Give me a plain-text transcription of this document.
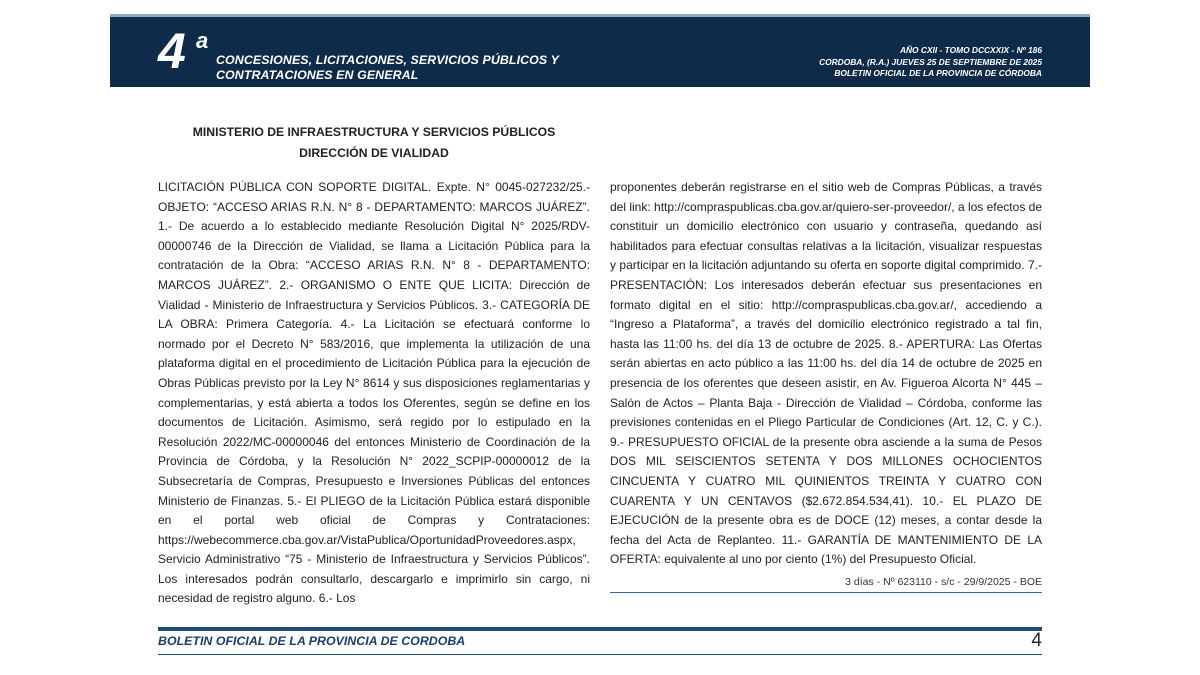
4 a
CONCESIONES, LICITACIONES, SERVICIOS PÚBLICOS Y
CONTRATACIONES EN GENERAL
AÑO CXII - TOMO DCCXXIX - Nº 186
CORDOBA, (R.A.) JUEVES 25 DE SEPTIEMBRE DE 2025
BOLETIN OFICIAL DE LA PROVINCIA DE CÓRDOBA
MINISTERIO DE INFRAESTRUCTURA Y SERVICIOS PÚBLICOS
DIRECCIÓN DE VIALIDAD
LICITACIÓN PÚBLICA CON SOPORTE DIGITAL. Expte. N° 0045-027232/25.- OBJETO: “ACCESO ARIAS R.N. N° 8 - DEPARTAMENTO: MARCOS JUÁREZ”. 1.- De acuerdo a lo establecido mediante Resolución Digital N° 2025/RDV-00000746 de la Dirección de Vialidad, se llama a Licitación Pública para la contratación de la Obra: “ACCESO ARIAS R.N. N° 8 - DEPARTAMENTO: MARCOS JUÁREZ”. 2.- ORGANISMO O ENTE QUE LICITA: Dirección de Vialidad - Ministerio de Infraestructura y Servicios Públicos. 3.- CATEGORÍA DE LA OBRA: Primera Categoría. 4.- La Licitación se efectuará conforme lo normado por el Decreto N° 583/2016, que implementa la utilización de una plataforma digital en el procedimiento de Licitación Pública para la ejecución de Obras Públicas previsto por la Ley N° 8614 y sus disposiciones reglamentarias y complementarias, y está abierta a todos los Oferentes, según se define en los documentos de Licitación. Asimismo, será regido por lo estipulado en la Resolución 2022/MC-00000046 del entonces Ministerio de Coordinación de la Provincia de Córdoba, y la Resolución N° 2022_SCPIP-00000012 de la Subsecretaría de Compras, Presupuesto e Inversiones Públicas del entonces Ministerio de Finanzas. 5.- El PLIEGO de la Licitación Pública estará disponible en el portal web oficial de Compras y Contrataciones: https://webecommerce.cba.gov.ar/VistaPublica/OportunidadProveedores.aspx, Servicio Administrativo “75 - Ministerio de Infraestructura y Servicios Públicos”. Los interesados podrán consultarlo, descargarlo e imprimirlo sin cargo, ni necesidad de registro alguno. 6.- Los
proponentes deberán registrarse en el sitio web de Compras Públicas, a través del link: http://compraspublicas.cba.gov.ar/quiero-ser-proveedor/, a los efectos de constituir un domicilio electrónico con usuario y contraseña, quedando así habilitados para efectuar consultas relativas a la licitación, visualizar respuestas y participar en la licitación adjuntando su oferta en soporte digital comprimido. 7.- PRESENTACIÓN: Los interesados deberán efectuar sus presentaciones en formato digital en el sitio: http://compraspublicas.cba.gov.ar/, accediendo a “Ingreso a Plataforma”, a través del domicilio electrónico registrado a tal fin, hasta las 11:00 hs. del día 13 de octubre de 2025. 8.- APERTURA: Las Ofertas serán abiertas en acto público a las 11:00 hs. del día 14 de octubre de 2025 en presencia de los oferentes que deseen asistir, en Av. Figueroa Alcorta N° 445 – Salón de Actos – Planta Baja - Dirección de Vialidad – Córdoba, conforme las previsiones contenidas en el Pliego Particular de Condiciones (Art. 12, C. y C.). 9.- PRESUPUESTO OFICIAL de la presente obra asciende a la suma de Pesos DOS MIL SEISCIENTOS SETENTA Y DOS MILLONES OCHOCIENTOS CINCUENTA Y CUATRO MIL QUINIENTOS TREINTA Y CUATRO CON CUARENTA Y UN CENTAVOS ($2.672.854.534,41). 10.- EL PLAZO DE EJECUCIÓN de la presente obra es de DOCE (12) meses, a contar desde la fecha del Acta de Replanteo. 11.- GARANTÍA DE MANTENIMIENTO DE LA OFERTA: equivalente al uno por ciento (1%) del Presupuesto Oficial.
3 días - Nº 623110 - s/c - 29/9/2025 - BOE
BOLETIN OFICIAL DE LA PROVINCIA DE CORDOBA	4
